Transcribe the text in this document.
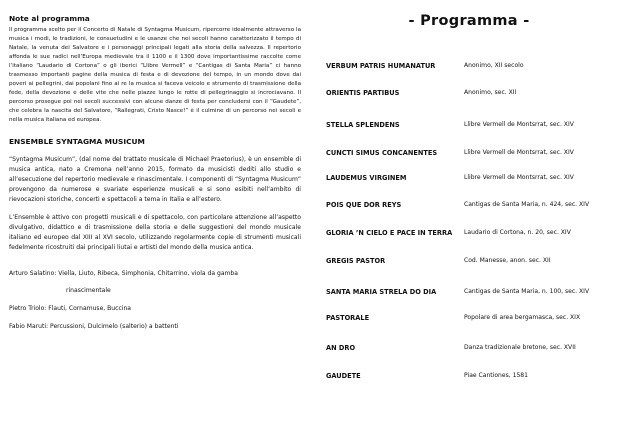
Note al programma

Il programma scelto per il Concerto di Natale di Syntagma Musicum, ripercorre idealmente attraverso la musica i modi, le tradizioni, le consuetudini e le usanze che nei secoli hanno caratterizzato il tempo di Natale, la venuta del Salvatore e i personaggi principali legati alla storia della salvezza. Il repertorio affonda le sue radici nell’Europa medievale tra il 1100 e il 1300 dove importantissime raccolte come l’italiano “Laudario di Cortona” o gli iberici “Llibre Vermell” e “Cantigas di Santa Maria” ci hanno trasmesso importanti pagine della musica di festa e di devozione del tempo, in un mondo dove dai poveri ai pellegrini, dai popolani fino ai re la musica si faceva veicolo e strumento di trasmissione della fede, della devozione e delle vite che nelle piazze lungo le rotte di pellegrinaggio si incrociavano. Il percorso prosegue poi nei secoli successivi con alcune danze di festa per concludersi con il “Gaudete”, che celebra la nascita del Salvatore, “Rallegrati, Cristo Nasce!” è il culmine di un percorso nei secoli e nella musica italiana ed europea.

ENSEMBLE SYNTAGMA MUSICUM

“Syntagma Musicum”, (dal nome del trattato musicale di Michael Praetorius), è un ensemble di musica antica, nato a Cremona nell’anno 2015, formato da musicisti dediti allo studio e all’esecuzione del repertorio medievale e rinascimentale. I componenti di “Syntagma Musicum” provengono da numerose e svariate esperienze musicali e si sono esibiti nell’ambito di rievocazioni storiche, concerti e spettacoli a tema in Italia e all’estero.

L’Ensemble è attivo con progetti musicali e di spettacolo, con particolare attenzione all’aspetto divulgativo, didattico e di trasmissione della storia e delle suggestioni del mondo musicale italiano ed europeo dal XIII al XVI secolo, utilizzando regolarmente copie di strumenti musicali fedelmente ricostruiti dai principali liutai e artisti del mondo della musica antica.

Arturo Salatino: Viella, Liuto, Ribeca, Simphonia, Chitarrino, viola da gamba
rinascimentale
Pietro Triolo: Flauti, Cornamuse, Buccina
Fabio Maruti: Percussioni, Dulcimelo (salterio) a battenti
- Programma -
VERBUM PATRIS HUMANATUR	Anonimo, XII secolo
ORIENTIS PARTIBUS	Anonimo, sec. XII
STELLA SPLENDENS	Llibre Vermell de Montsrrat, sec. XIV
CUNCTI SIMUS CONCANENTES	Llibre Vermell de Montsrrat, sec. XIV
LAUDEMUS VIRGINEM	Llibre Vermell de Montsrrat, sec. XIV
POIS QUE DOR REYS	Cantigas de Santa Maria, n. 424, sec. XIV
GLORIA ’N CIELO E PACE IN TERRA Laudario di Cortona, n. 20, sec. XIV
GREGIS PASTOR	Cod. Manesse, anon. sec. XII
SANTA MARIA STRELA DO DIA	Cantigas de Santa Maria, n. 100, sec. XIV
PASTORALE	Popolare di area bergamasca, sec. XIX
AN DRO	Danza tradizionale bretone, sec. XVII
GAUDETE	Piae Cantiones, 1581
